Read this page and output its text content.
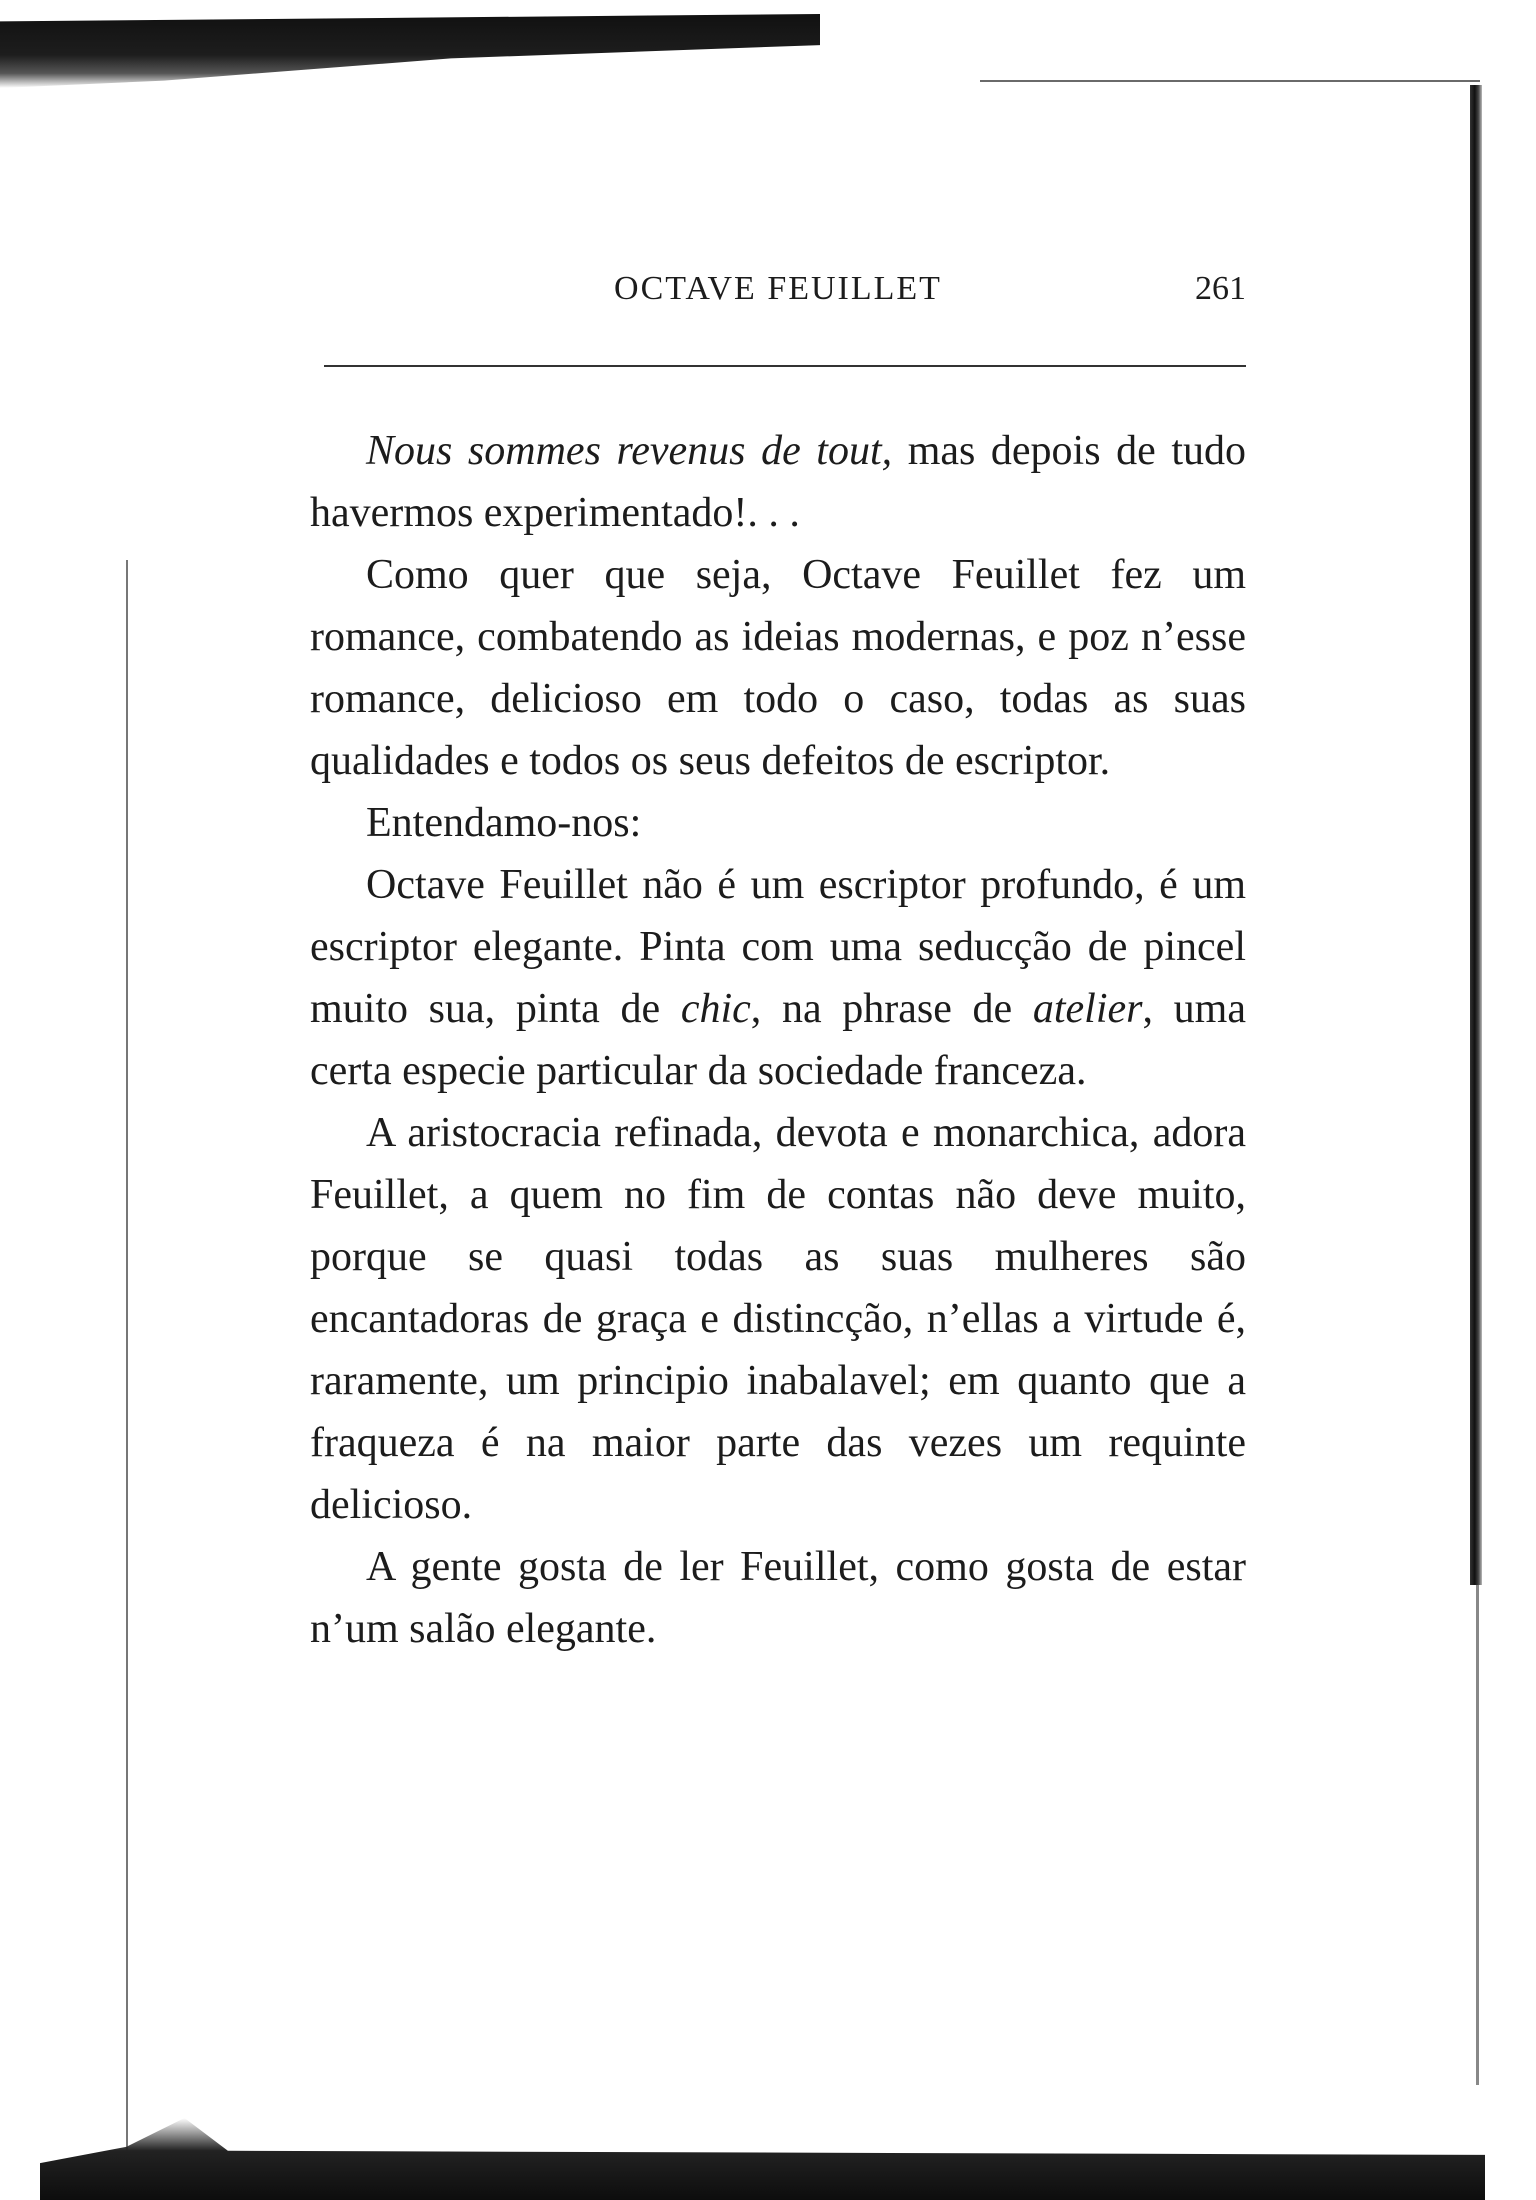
OCTAVE FEUILLET	261

Nous sommes revenus de tout, mas depois de tudo havermos experimentado!. . .

Como quer que seja, Octave Feuillet fez um romance, combatendo as ideias modernas, e poz n’esse romance, delicioso em todo o caso, todas as suas qualidades e todos os seus defeitos de escriptor.

Entendamo-nos:

Octave Feuillet não é um escriptor profundo, é um escriptor elegante. Pinta com uma seducção de pincel muito sua, pinta de chic, na phrase de atelier, uma certa especie particular da sociedade franceza.

A aristocracia refinada, devota e monarchica, adora Feuillet, a quem no fim de contas não deve muito, porque se quasi todas as suas mulheres são encantadoras de graça e distincção, n’ellas a virtude é, raramente, um principio inabalavel; em quanto que a fraqueza é na maior parte das vezes um requinte delicioso.

A gente gosta de ler Feuillet, como gosta de estar n’um salão elegante.
